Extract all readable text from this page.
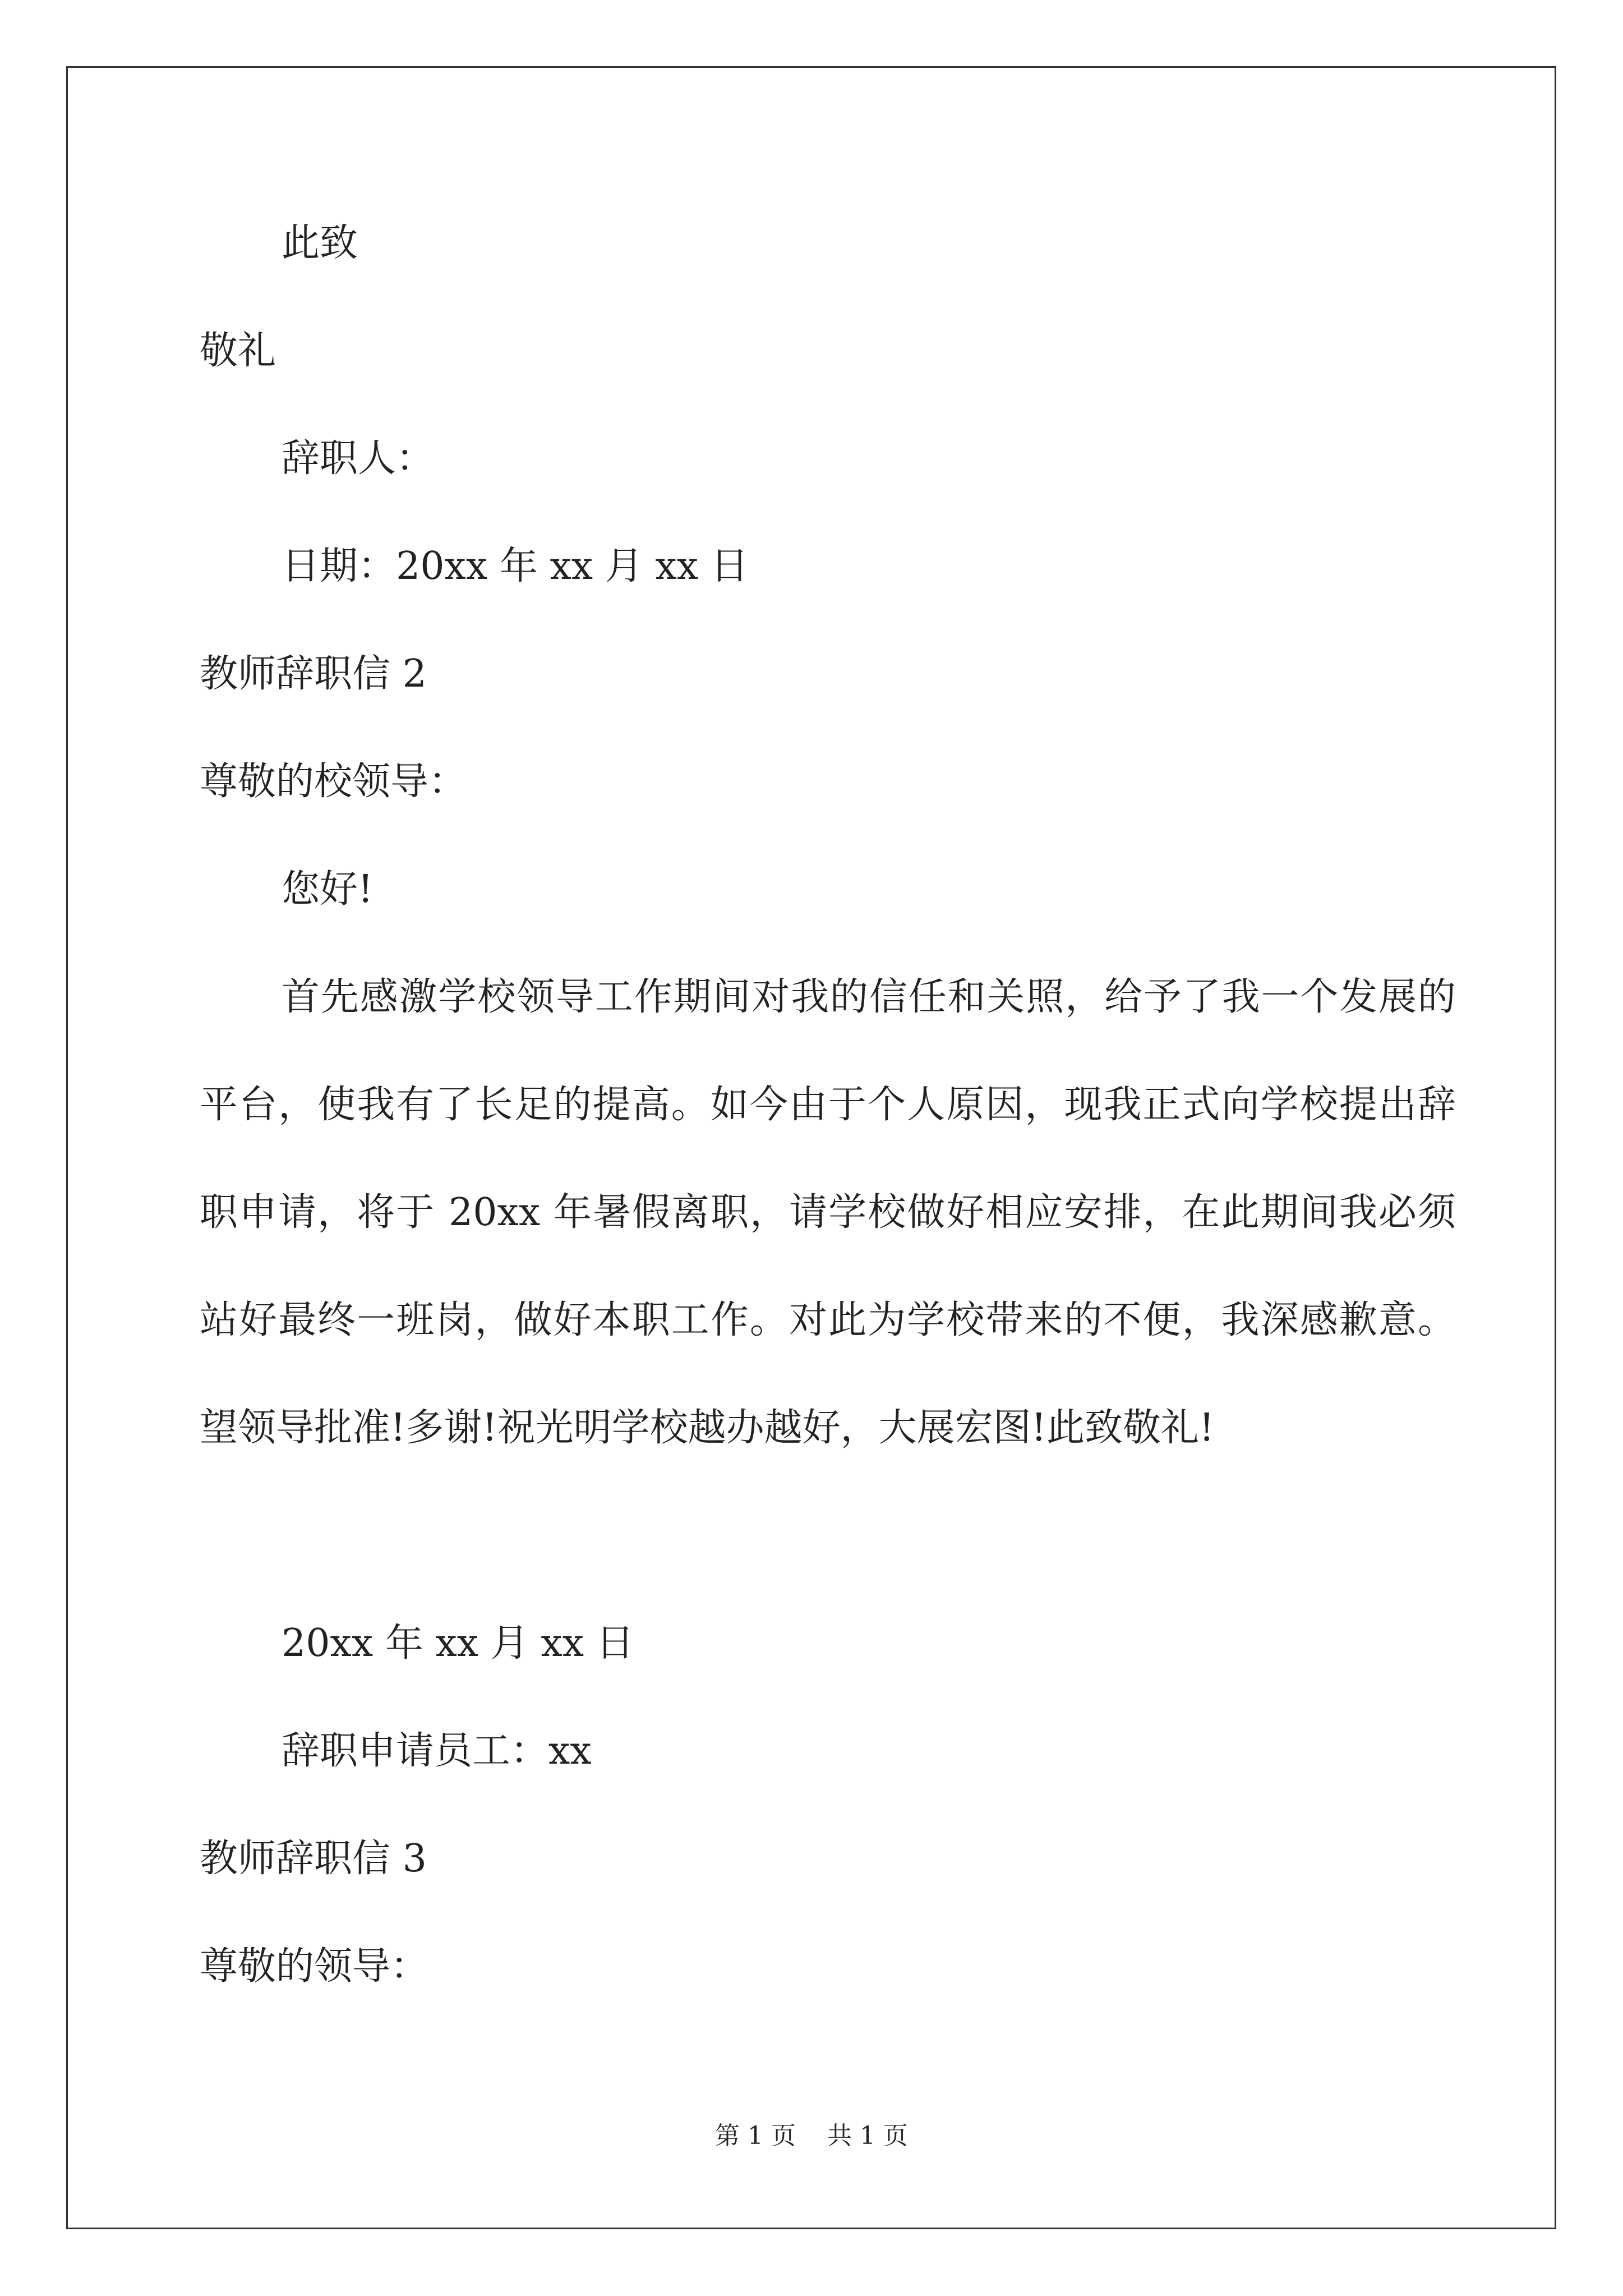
此致
敬礼
辞职人：
日期：20xx 年 xx 月 xx 日
教师辞职信 2
尊敬的校领导：
您好!
首先感激学校领导工作期间对我的信任和关照，给予了我一个发展的平台，使我有了长足的提高。如今由于个人原因，现我正式向学校提出辞职申请，将于 20xx 年暑假离职，请学校做好相应安排，在此期间我必须站好最终一班岗，做好本职工作。对此为学校带来的不便，我深感歉意。望领导批准!多谢!祝光明学校越办越好，大展宏图!此致敬礼!
20xx 年 xx 月 xx 日
辞职申请员工：xx
教师辞职信 3
尊敬的领导：
第 1 页    共 1 页
